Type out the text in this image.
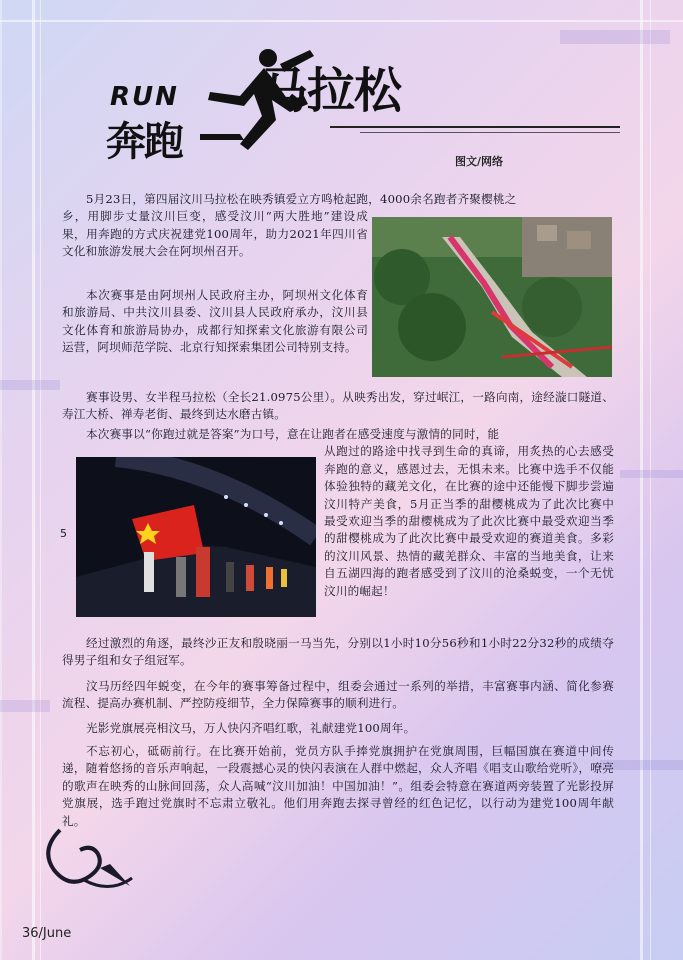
RUN
奔跑
马拉松
图文/网络
5

5月23日，第四届汶川马拉松在映秀镇爱立方鸣枪起跑，4000余名跑者齐聚樱桃之

乡，用脚步丈量汶川巨变，感受汶川“两大胜地”建设成果，用奔跑的方式庆祝建党100周年，助力2021年四川省文化和旅游发展大会在阿坝州召开。

本次赛事是由阿坝州人民政府主办，阿坝州文化体育和旅游局、中共汶川县委、汶川县人民政府承办，汶川县文化体育和旅游局协办，成都行知探索文化旅游有限公司运营，阿坝师范学院、北京行知探索集团公司特别支持。

赛事设男、女半程马拉松（全长21.0975公里）。从映秀出发，穿过岷江，一路向南，途经漩口隧道、寿江大桥、禅寿老街、最终到达水磨古镇。

本次赛事以“你跑过就是答案”为口号，意在让跑者在感受速度与激情的同时，能

从跑过的路途中找寻到生命的真谛，用炙热的心去感受奔跑的意义，感恩过去，无惧未来。比赛中选手不仅能体验独特的藏羌文化，在比赛的途中还能慢下脚步尝遍汶川特产美食，5月正当季的甜樱桃成为了此次比赛中最受欢迎当季的甜樱桃成为了此次比赛中最受欢迎当季的甜樱桃成为了此次比赛中最受欢迎的赛道美食。多彩的汶川风景、热情的藏羌群众、丰富的当地美食，让来自五湖四海的跑者感受到了汶川的沧桑蜕变，一个无忧汶川的崛起！

经过激烈的角逐，最终沙正友和殷晓丽一马当先，分别以1小时10分56秒和1小时22分32秒的成绩夺得男子组和女子组冠军。

汶马历经四年蜕变，在今年的赛事筹备过程中，组委会通过一系列的举措，丰富赛事内涵、简化参赛流程、提高办赛机制、严控防疫细节，全力保障赛事的顺利进行。

光影党旗展亮相汶马，万人快闪齐唱红歌，礼献建党100周年。

不忘初心，砥砺前行。在比赛开始前，党员方队手捧党旗拥护在党旗周围，巨幅国旗在赛道中间传递，随着悠扬的音乐声响起，一段震撼心灵的快闪表演在人群中燃起，众人齐唱《唱支山歌给党听》，嘹亮的歌声在映秀的山脉间回荡，众人高喊“汶川加油！中国加油！”。组委会特意在赛道两旁装置了光影投屏党旗展，选手跑过党旗时不忘肃立敬礼。他们用奔跑去探寻曾经的红色记忆，以行动为建党100周年献礼。

36/June
